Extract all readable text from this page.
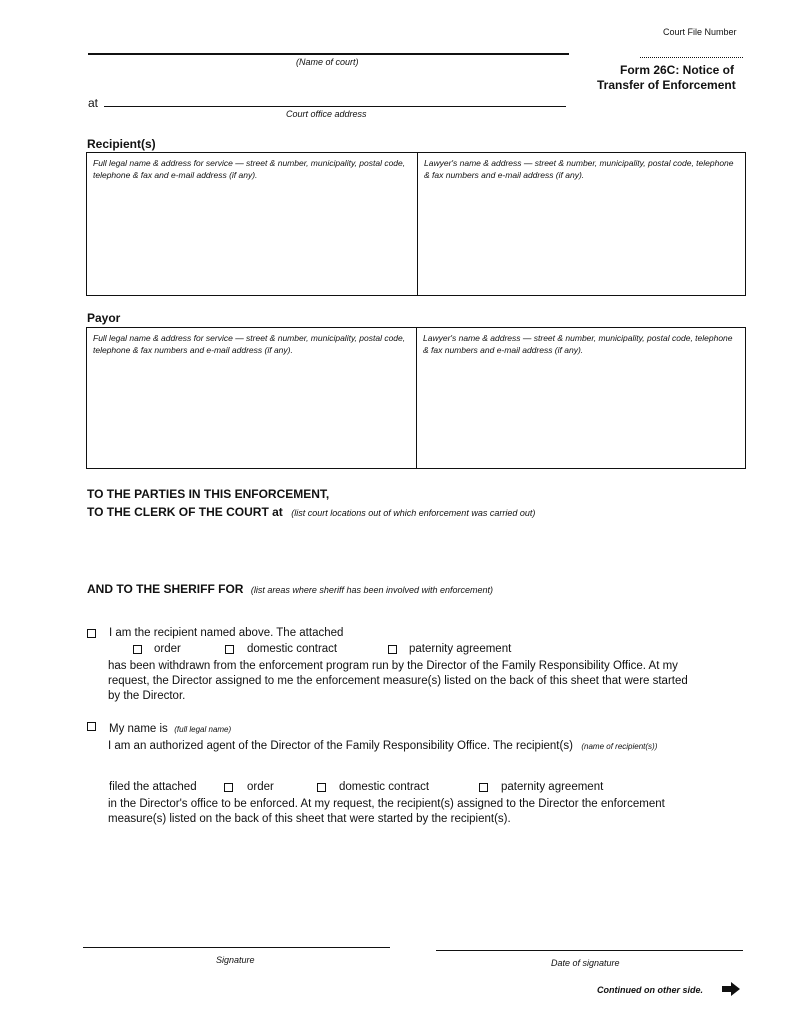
Court File Number
(Name of court)
Form 26C: Notice of
Transfer of Enforcement
at
Court office address
Recipient(s)
Full legal name & address for service — street & number, municipality, postal code, telephone & fax and e-mail address (if any).
Lawyer's name & address — street & number, municipality, postal code, telephone & fax numbers and e-mail address (if any).
Payor
Full legal name & address for service — street & number, municipality, postal code, telephone & fax numbers and e-mail address (if any).
Lawyer's name & address — street & number, municipality, postal code, telephone & fax numbers and e-mail address (if any).
TO THE PARTIES IN THIS ENFORCEMENT,
TO THE CLERK OF THE COURT at (list court locations out of which enforcement was carried out)
AND TO THE SHERIFF FOR (list areas where sheriff has been involved with enforcement)
I am the recipient named above. The attached
order	domestic contract	paternity agreement
has been withdrawn from the enforcement program run by the Director of the Family Responsibility Office. At my
request, the Director assigned to me the enforcement measure(s) listed on the back of this sheet that were started
by the Director.
My name is (full legal name)
I am an authorized agent of the Director of the Family Responsibility Office. The recipient(s) (name of recipient(s))
filed the attached	order	domestic contract	paternity agreement
in the Director's office to be enforced. At my request, the recipient(s) assigned to the Director the enforcement
measure(s) listed on the back of this sheet that were started by the recipient(s).
Signature	Date of signature
Continued on other side.
